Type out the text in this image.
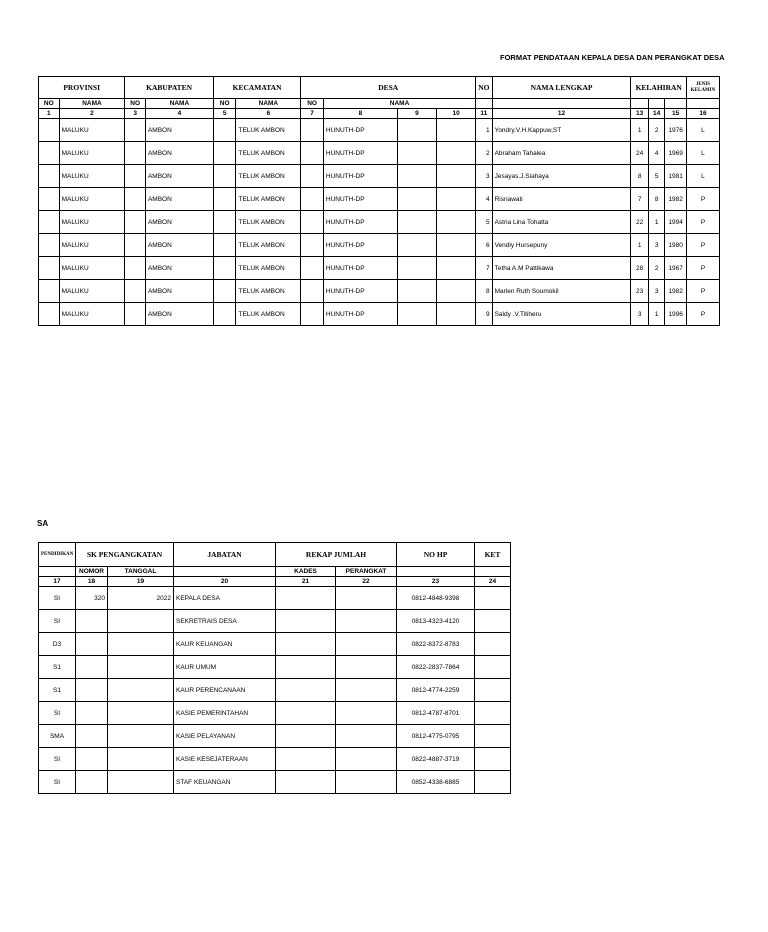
FORMAT PENDATAAN KEPALA DESA DAN PERANGKAT DESA
PROVINSI		KABUPATEN		KECAMATAN		DESA				NO	NAMA LENGKAP	KELAHIRAN			JENIS KELAMIN
NO	NAMA	NO	NAMA	NO	NAMA	NO	NAMA								
1	2	3	4	5	6	7	8	9	10	11	12	13	14	15	16
	MALUKU		AMBON		TELUK AMBON		HUNUTH-DP			1	Yondry.V.H.Kappuw,ST	1	2	1976	L
	MALUKU		AMBON		TELUK AMBON		HUNUTH-DP			2	Abraham Tahalea	24	4	1969	L
	MALUKU		AMBON		TELUK AMBON		HUNUTH-DP			3	Jesayas.J.Siahaya	8	5	1981	L
	MALUKU		AMBON		TELUK AMBON		HUNUTH-DP			4	Risnawati	7	8	1982	P
	MALUKU		AMBON		TELUK AMBON		HUNUTH-DP			5	Astria Lina Tohatta	22	1	1994	P
	MALUKU		AMBON		TELUK AMBON		HUNUTH-DP			6	Vendly Hursepuny	1	3	1980	P
	MALUKU		AMBON		TELUK AMBON		HUNUTH-DP			7	Tetha A.M Pattikawa	28	2	1967	P
	MALUKU		AMBON		TELUK AMBON		HUNUTH-DP			8	Marlen Ruth Soumokil	23	3	1982	P
	MALUKU		AMBON		TELUK AMBON		HUNUTH-DP			9	Saldy .V.Titiheru	3	1	1996	P
SA
PENDIDIKAN	SK PENGANGKATAN		JABATAN	REKAP JUMLAH		NO HP	KET
	NOMOR	TANGGAL		KADES	PERANGKAT		
17	18	19	20	21	22	23	24
SI	320	2022	KEPALA DESA			0812-4848-9398	
SI			SEKRETRAIS DESA			0813-4323-4120	
D3			KAUR KEUANGAN			0822-8372-8783	
S1			KAUR UMUM			0822-2837-7864	
S1			KAUR PERENCANAAN			0812-4774-2259	
SI			KASIE PEMERINTAHAN			0812-4787-8701	
SMA			KASIE PELAYANAN			0812-4775-0795	
SI			KASIE KESEJATERAAN			0822-4887-3719	
SI			STAF KEUANGAN			0852-4338-6885	
